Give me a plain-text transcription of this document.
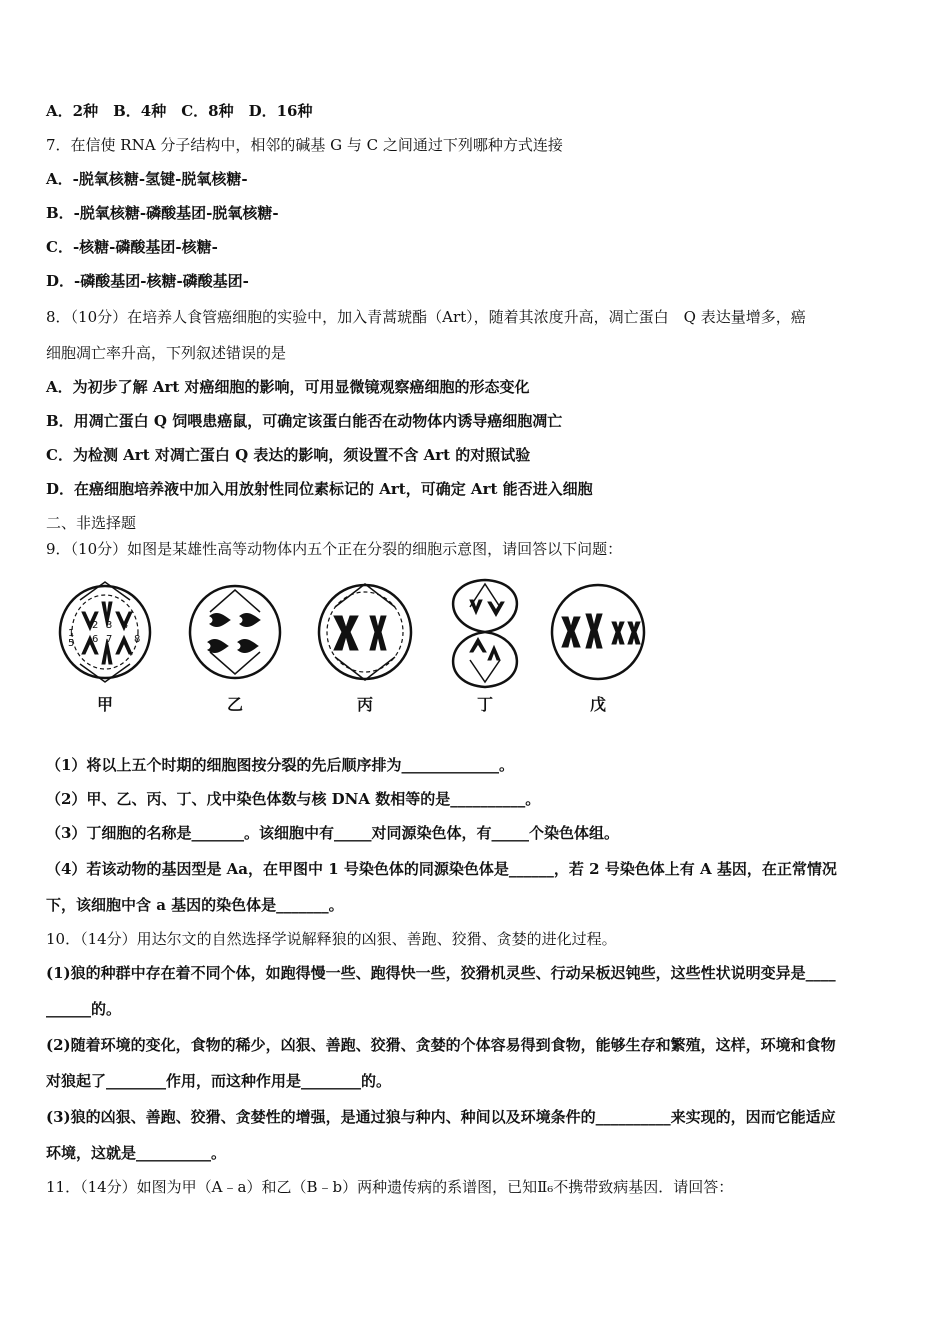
A．2种　B．4种　C．8种　D．16种
7．在信使 RNA 分子结构中，相邻的碱基 G 与 C 之间通过下列哪种方式连接
A．-脱氧核糖-氢键-脱氧核糖-
B．-脱氧核糖-磷酸基团-脱氧核糖-
C．-核糖-磷酸基团-核糖-
D．-磷酸基团-核糖-磷酸基团-
8．（10分）在培养人食管癌细胞的实验中，加入青蒿琥酯（Art），随着其浓度升高，凋亡蛋白　Q 表达量增多，癌
细胞凋亡率升高，下列叙述错误的是
A．为初步了解 Art 对癌细胞的影响，可用显微镜观察癌细胞的形态变化
B．用凋亡蛋白 Q 饲喂患癌鼠，可确定该蛋白能否在动物体内诱导癌细胞凋亡
C．为检测 Art 对凋亡蛋白 Q 表达的影响，须设置不含 Art 的对照试验
D．在癌细胞培养液中加入用放射性同位素标记的 Art，可确定 Art 能否进入细胞
二、非选择题
9．（10分）如图是某雄性高等动物体内五个正在分裂的细胞示意图，请回答以下问题：
1
2 3 4
5 6 7 8
甲	乙	丙	丁	戊
（1）将以上五个时期的细胞图按分裂的先后顺序排为_____________。
（2）甲、乙、丙、丁、戊中染色体数与核 DNA 数相等的是__________。
（3）丁细胞的名称是_______。该细胞中有_____对同源染色体，有_____个染色体组。
（4）若该动物的基因型是 Aa，在甲图中 1 号染色体的同源染色体是______，若 2 号染色体上有 A 基因，在正常情况
下，该细胞中含 a 基因的染色体是_______。
10．（14分）用达尔文的自然选择学说解释狼的凶狠、善跑、狡猾、贪婪的进化过程。
(1)狼的种群中存在着不同个体，如跑得慢一些、跑得快一些，狡猾机灵些、行动呆板迟钝些，这些性状说明变异是____
______的。
(2)随着环境的变化，食物的稀少，凶狠、善跑、狡猾、贪婪的个体容易得到食物，能够生存和繁殖，这样，环境和食物
对狼起了________作用，而这种作用是________的。
(3)狼的凶狠、善跑、狡猾、贪婪性的增强，是通过狼与种内、种间以及环境条件的__________来实现的，因而它能适应
环境，这就是__________。
11．（14分）如图为甲（A﹣a）和乙（B﹣b）两种遗传病的系谱图，已知Ⅱ₆不携带致病基因．请回答：
